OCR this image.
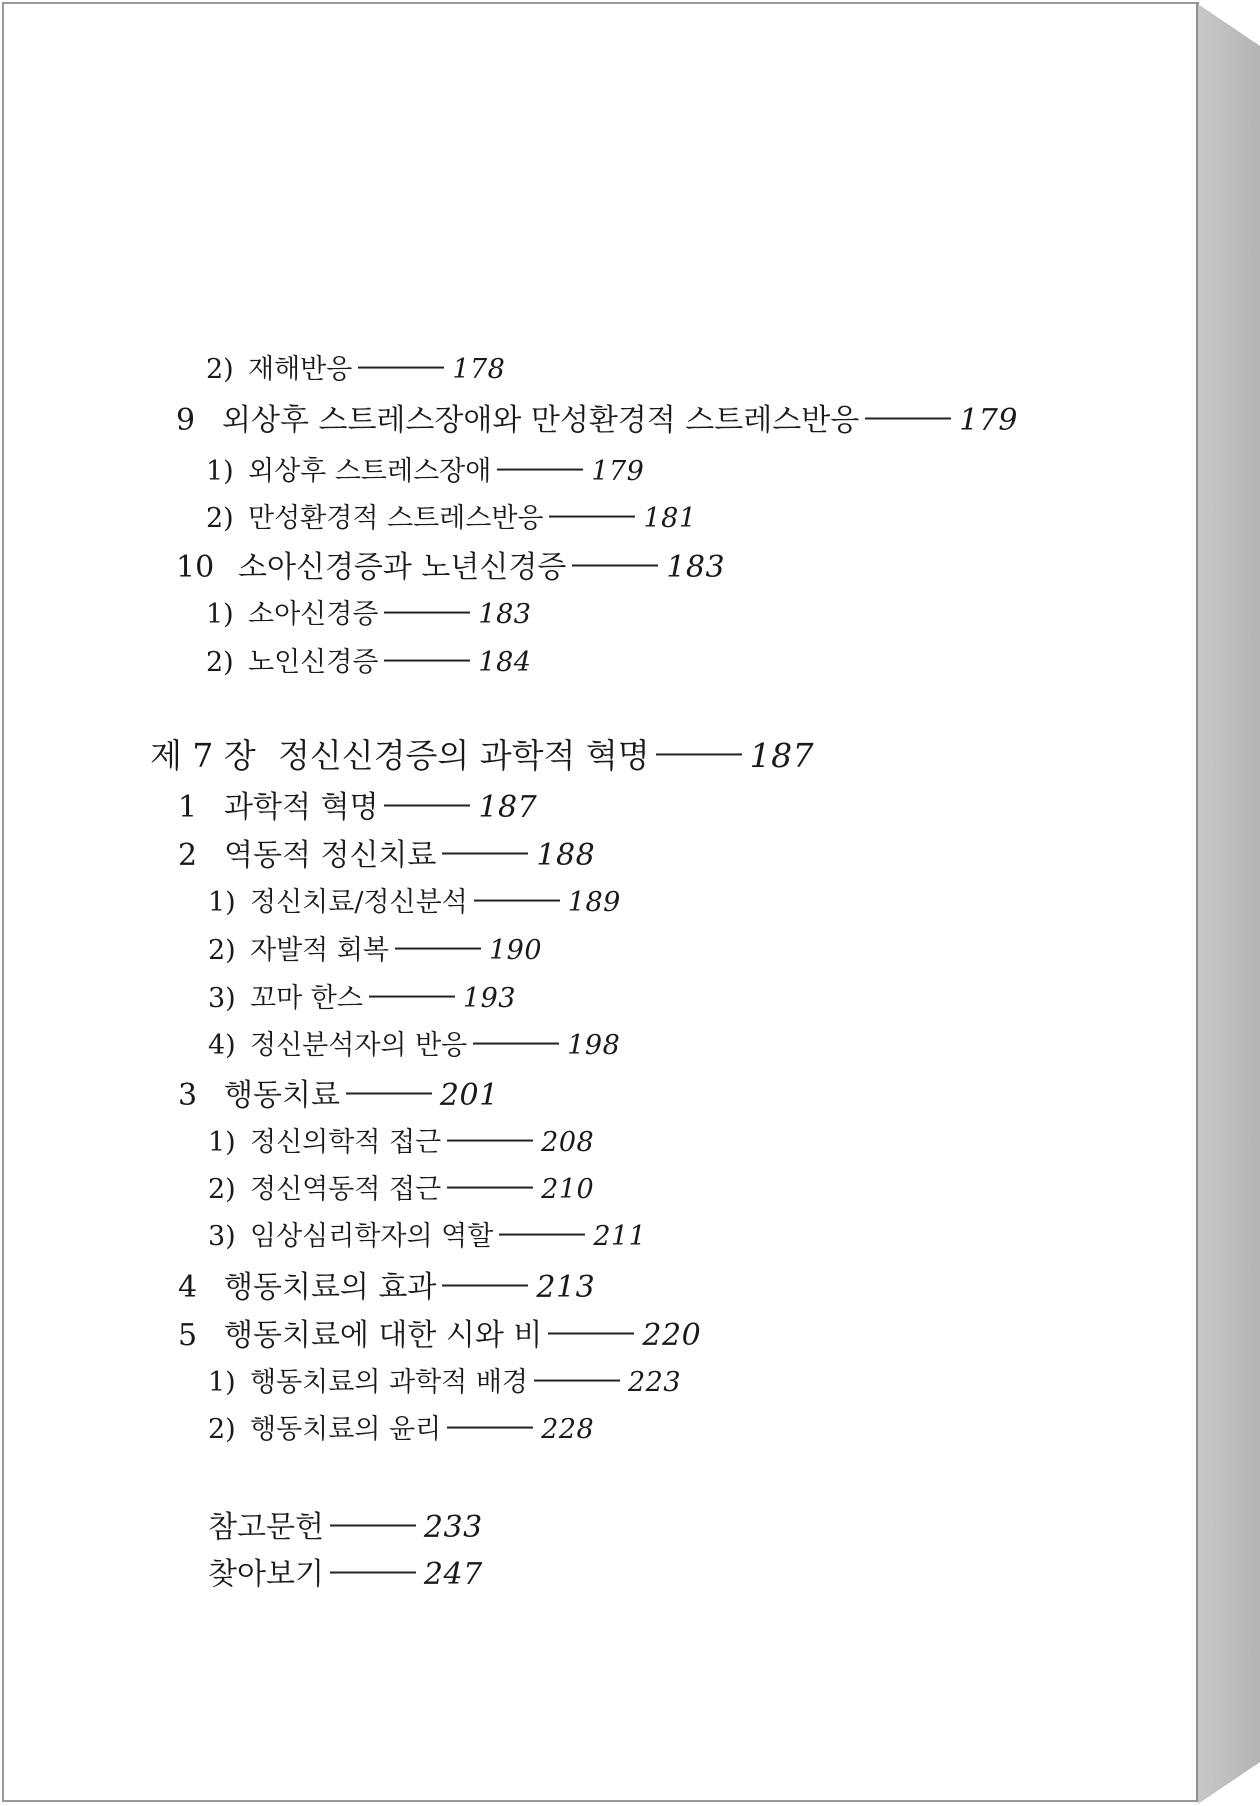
2) 재해반응	178
9 외상후 스트레스장애와 만성환경적 스트레스반응	179
1) 외상후 스트레스장애	179
2) 만성환경적 스트레스반응	181
10 소아신경증과 노년신경증	183
1) 소아신경증	183
2) 노인신경증	184
제 7 장 정신신경증의 과학적 혁명	187
1 과학적 혁명	187
2 역동적 정신치료	188
1) 정신치료/정신분석	189
2) 자발적 회복	190
3) 꼬마 한스	193
4) 정신분석자의 반응	198
3 행동치료	201
1) 정신의학적 접근	208
2) 정신역동적 접근	210
3) 임상심리학자의 역할	211
4 행동치료의 효과	213
5 행동치료에 대한 시와 비	220
1) 행동치료의 과학적 배경	223
2) 행동치료의 윤리	228
참고문헌	233
찾아보기	247
